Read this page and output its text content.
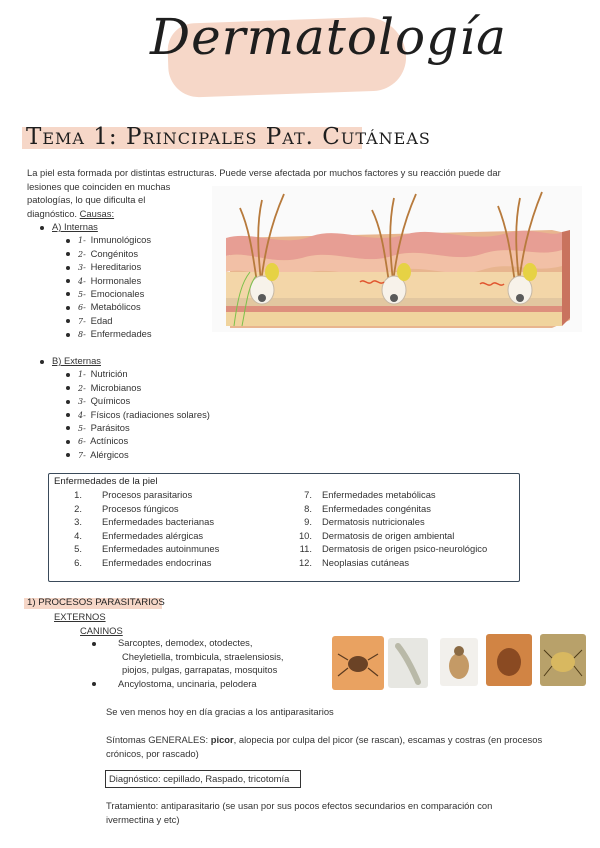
Dermatología
Tema 1: Principales Pat. Cutáneas
La piel esta formada por distintas estructuras. Puede verse afectada por muchos factores y su reacción puede dar
lesiones que coinciden en muchas
patologías, lo que dificulta el
diagnóstico. Causas:
A) Internas
1- Inmunológicos
2- Congénitos
3- Hereditarios
4- Hormonales
5- Emocionales
6- Metabólicos
7- Edad
8- Enfermedades
B) Externas
1- Nutrición
2- Microbianos
3- Químicos
4- Físicos (radiaciones solares)
5- Parásitos
6- Actínicos
7- Alérgicos
Enfermedades de la piel
1. Procesos parasitarios
2. Procesos fúngicos
3. Enfermedades bacterianas
4. Enfermedades alérgicas
5. Enfermedades autoinmunes
6. Enfermedades endocrinas
7. Enfermedades metabólicas
8. Enfermedades congénitas
9. Dermatosis nutricionales
10. Dermatosis de origen ambiental
11. Dermatosis de origen psico-neurológico
12. Neoplasias cutáneas
1) PROCESOS PARASITARIOS
EXTERNOS
CANINOS
Sarcoptes, demodex, otodectes,
Cheyletiella, trombicula, straelensiosis,
piojos, pulgas, garrapatas, mosquitos
Ancylostoma, uncinaria, pelodera
Se ven menos hoy en día gracias a los antiparasitarios
Síntomas GENERALES: picor, alopecia por culpa del picor (se rascan), escamas y costras (en procesos
crónicos, por rascado)
Diagnóstico: cepillado, Raspado, tricotomía
Tratamiento: antiparasitario (se usan por sus pocos efectos secundarios en comparación con
ivermectina y etc)
